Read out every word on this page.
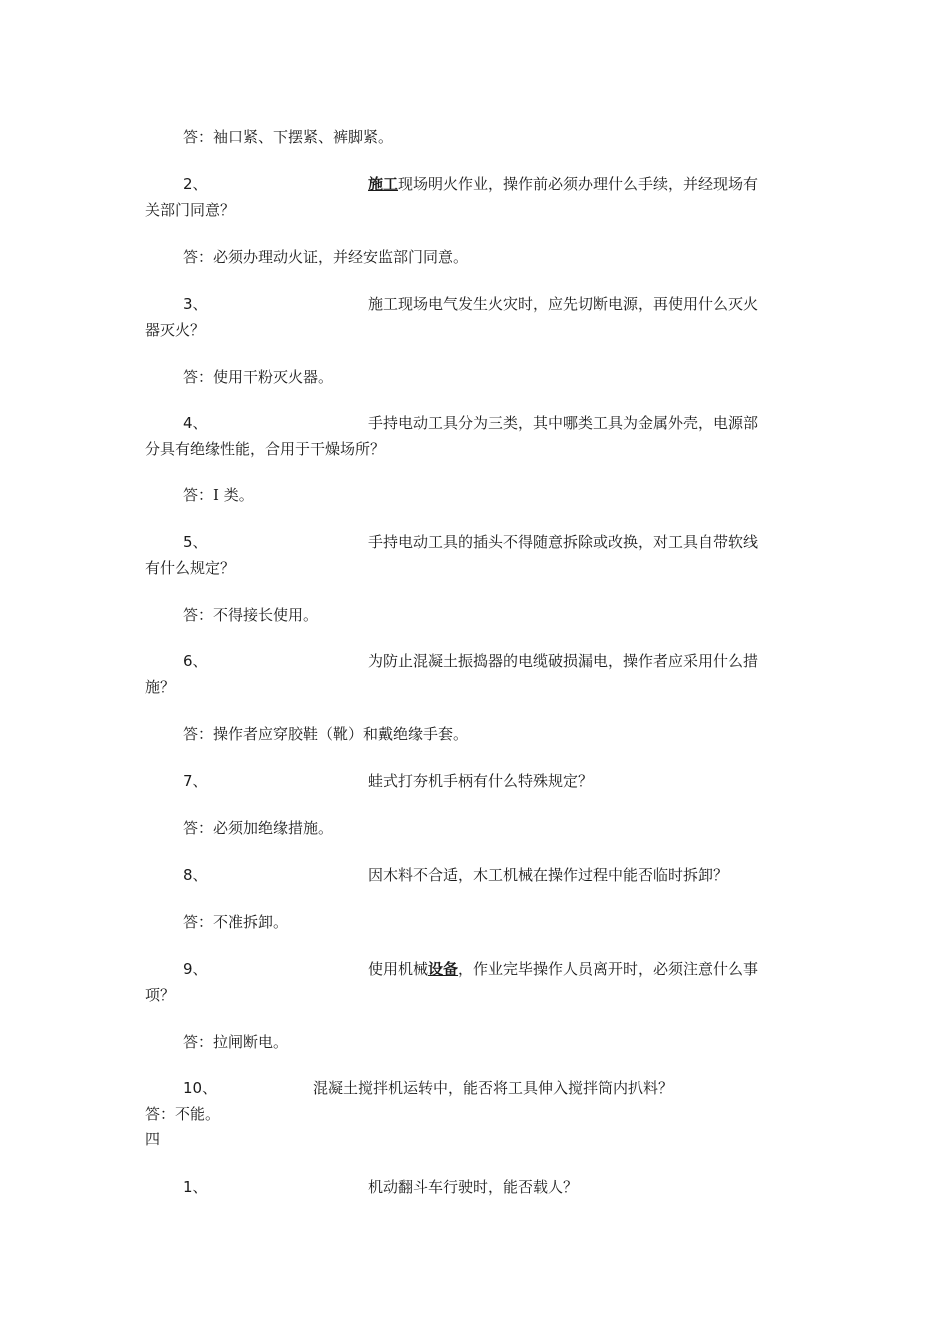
答：袖口紧、下摆紧、裤脚紧。
2、	施工现场明火作业，操作前必须办理什么手续，并经现场有
关部门同意？
答：必须办理动火证，并经安监部门同意。
3、	施工现场电气发生火灾时，应先切断电源，再使用什么灭火
器灭火？
答：使用干粉灭火器。
4、	手持电动工具分为三类，其中哪类工具为金属外壳，电源部
分具有绝缘性能，合用于干燥场所？
答：I 类。
5、	手持电动工具的插头不得随意拆除或改换，对工具自带软线
有什么规定？
答：不得接长使用。
6、	为防止混凝土振捣器的电缆破损漏电，操作者应采用什么措
施？
答：操作者应穿胶鞋（靴）和戴绝缘手套。
7、	蛙式打夯机手柄有什么特殊规定？
答：必须加绝缘措施。
8、	因木料不合适，木工机械在操作过程中能否临时拆卸？
答：不准拆卸。
9、	使用机械设备，作业完毕操作人员离开时，必须注意什么事
项？
答：拉闸断电。
10、	混凝土搅拌机运转中，能否将工具伸入搅拌筒内扒料？
答：不能。
四
1、	机动翻斗车行驶时，能否载人？
